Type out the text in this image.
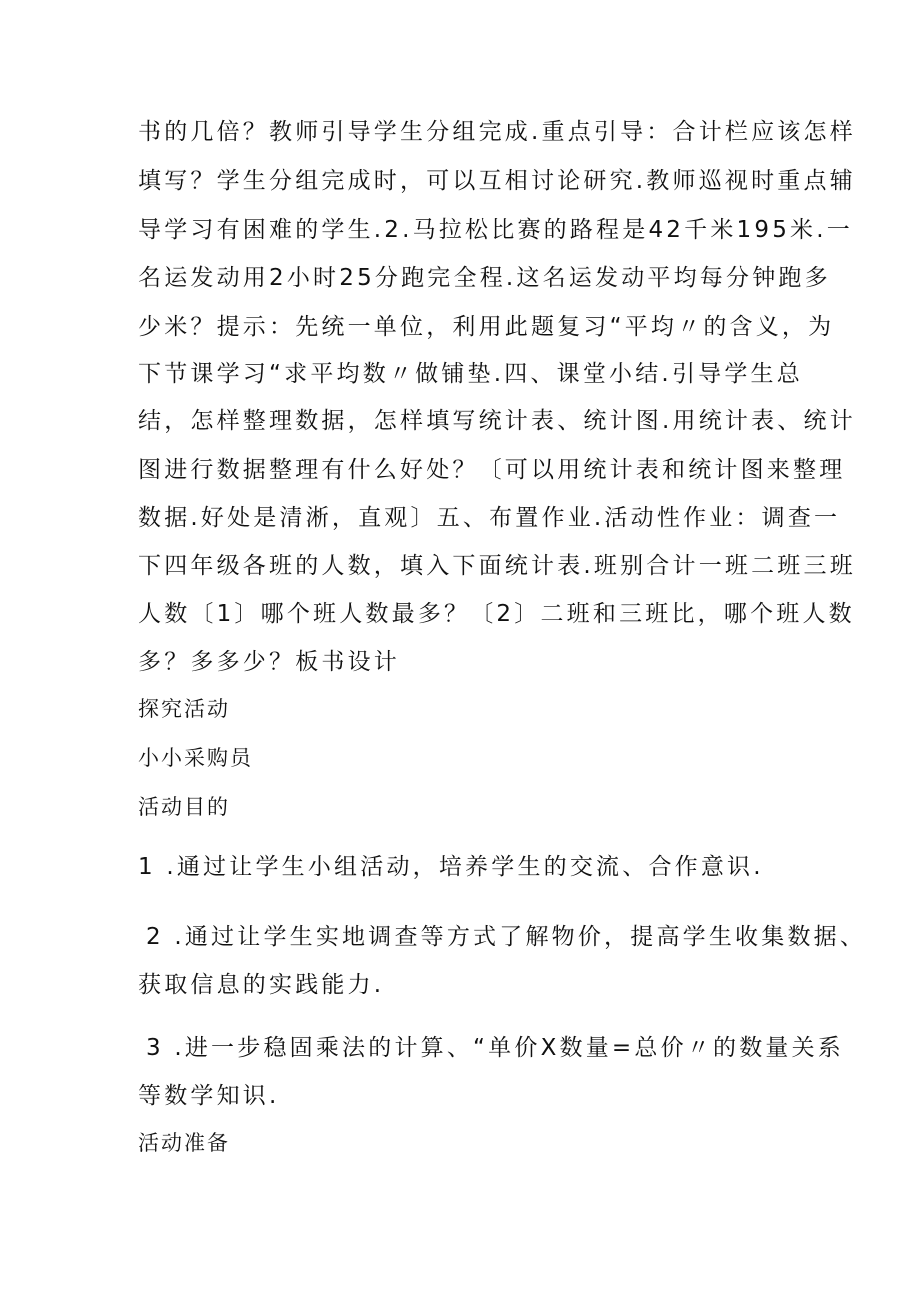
书的几倍？教师引导学生分组完成.重点引导：合计栏应该怎样
填写？学生分组完成时，可以互相讨论研究.教师巡视时重点辅
导学习有困难的学生.2.马拉松比赛的路程是42千米195米.一
名运发动用2小时25分跑完全程.这名运发动平均每分钟跑多
少米？提示：先统一单位，利用此题复习“平均〃的含义，为
下节课学习“求平均数〃做铺垫.四、课堂小结.引导学生总
结，怎样整理数据，怎样填写统计表、统计图.用统计表、统计
图进行数据整理有什么好处？〔可以用统计表和统计图来整理
数据.好处是清淅，直观〕五、布置作业.活动性作业：调查一
下四年级各班的人数，填入下面统计表.班别合计一班二班三班
人数〔1〕哪个班人数最多？〔2〕二班和三班比，哪个班人数
多？多多少？板书设计
探究活动
小小采购员
活动目的
1 .通过让学生小组活动，培养学生的交流、合作意识.
2 .通过让学生实地调查等方式了解物价，提高学生收集数据、
获取信息的实践能力.
3 .进一步稳固乘法的计算、“单价X数量=总价〃的数量关系
等数学知识.
活动准备
